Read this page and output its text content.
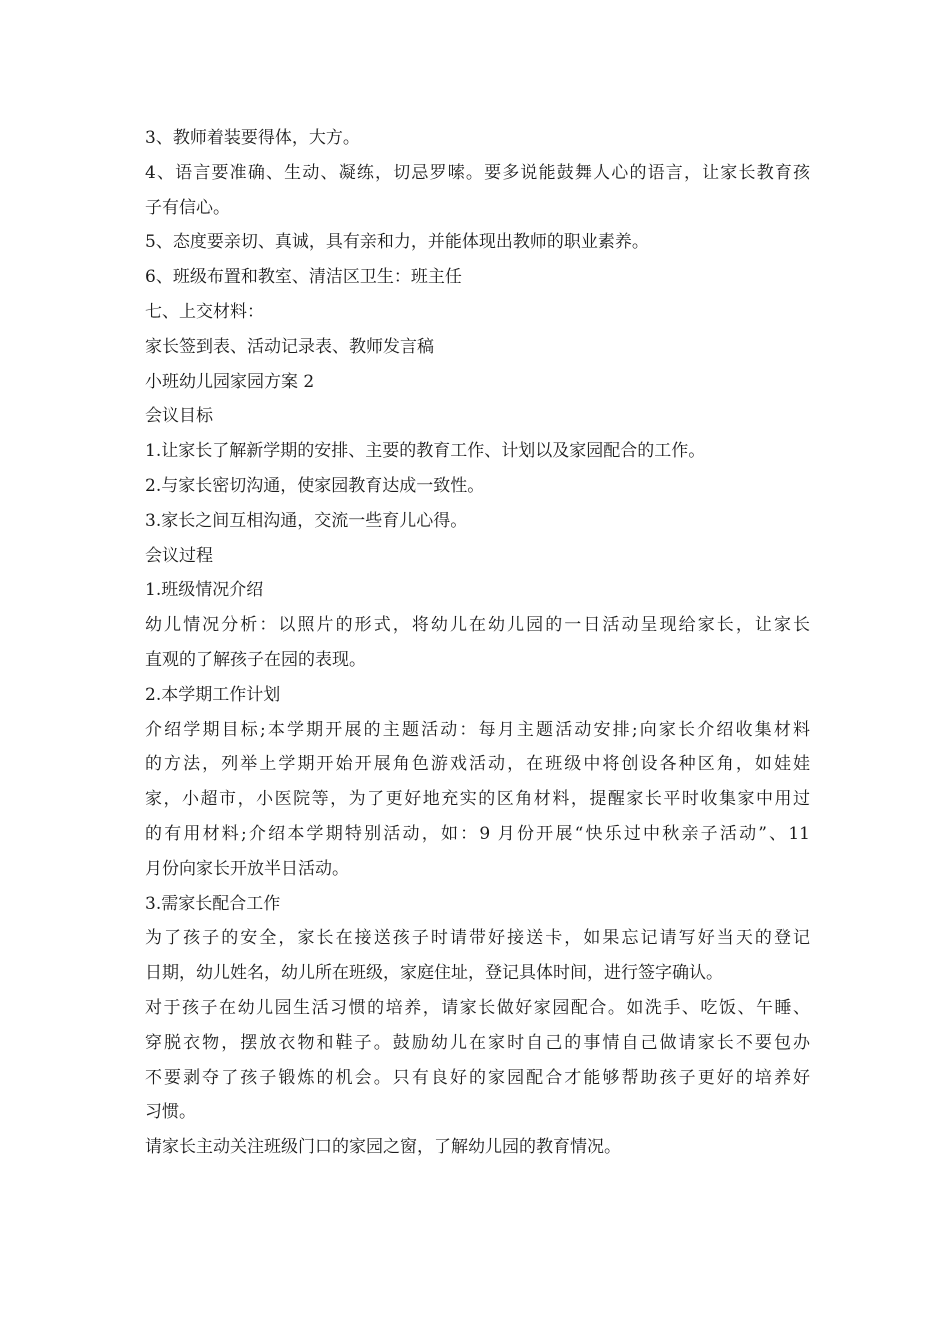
3、教师着装要得体，大方。
4、语言要准确、生动、凝练，切忌罗嗦。要多说能鼓舞人心的语言，让家长教育孩
子有信心。
5、态度要亲切、真诚，具有亲和力，并能体现出教师的职业素养。
6、班级布置和教室、清洁区卫生：班主任
七、上交材料：
家长签到表、活动记录表、教师发言稿
小班幼儿园家园方案 2
会议目标
1.让家长了解新学期的安排、主要的教育工作、计划以及家园配合的工作。
2.与家长密切沟通，使家园教育达成一致性。
3.家长之间互相沟通，交流一些育儿心得。
会议过程
1.班级情况介绍
幼儿情况分析：以照片的形式，将幼儿在幼儿园的一日活动呈现给家长，让家长
直观的了解孩子在园的表现。
2.本学期工作计划
介绍学期目标;本学期开展的主题活动：每月主题活动安排;向家长介绍收集材料
的方法，列举上学期开始开展角色游戏活动，在班级中将创设各种区角，如娃娃
家，小超市，小医院等，为了更好地充实的区角材料，提醒家长平时收集家中用过
的有用材料;介绍本学期特别活动，如：9 月份开展“快乐过中秋亲子活动”、11
月份向家长开放半日活动。
3.需家长配合工作
为了孩子的安全，家长在接送孩子时请带好接送卡，如果忘记请写好当天的登记
日期，幼儿姓名，幼儿所在班级，家庭住址，登记具体时间，进行签字确认。
对于孩子在幼儿园生活习惯的培养，请家长做好家园配合。如洗手、吃饭、午睡、
穿脱衣物，摆放衣物和鞋子。鼓励幼儿在家时自己的事情自己做请家长不要包办
不要剥夺了孩子锻炼的机会。只有良好的家园配合才能够帮助孩子更好的培养好
习惯。
请家长主动关注班级门口的家园之窗，了解幼儿园的教育情况。
